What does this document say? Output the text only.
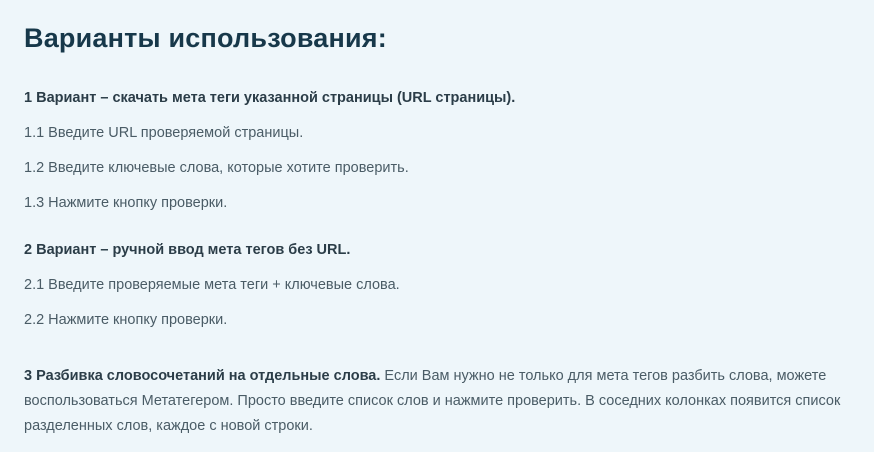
Варианты использования:

1 Вариант – скачать мета теги указанной страницы (URL страницы).

1.1 Введите URL проверяемой страницы.

1.2 Введите ключевые слова, которые хотите проверить.

1.3 Нажмите кнопку проверки.

2 Вариант – ручной ввод мета тегов без URL.

2.1 Введите проверяемые мета теги + ключевые слова.

2.2 Нажмите кнопку проверки.

3 Разбивка словосочетаний на отдельные слова. Если Вам нужно не только для мета тегов разбить слова, можете воспользоваться Метатегером. Просто введите список слов и нажмите проверить. В соседних колонках появится список разделенных слов, каждое с новой строки.
